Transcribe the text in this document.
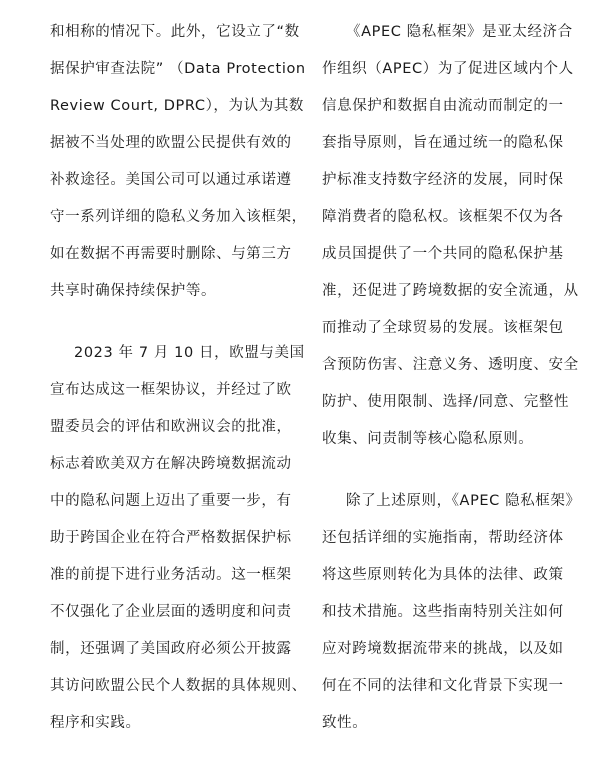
和相称的情况下。此外，它设立了“数
据保护审查法院” （Data Protection
Review Court, DPRC），为认为其数
据被不当处理的欧盟公民提供有效的
补救途径。美国公司可以通过承诺遵
守一系列详细的隐私义务加入该框架，
如在数据不再需要时删除、与第三方
共享时确保持续保护等。
2023 年 7 月 10 日，欧盟与美国
宣布达成这一框架协议，并经过了欧
盟委员会的评估和欧洲议会的批准，
标志着欧美双方在解决跨境数据流动
中的隐私问题上迈出了重要一步，有
助于跨国企业在符合严格数据保护标
准的前提下进行业务活动。这一框架
不仅强化了企业层面的透明度和问责
制，还强调了美国政府必须公开披露
其访问欧盟公民个人数据的具体规则、
程序和实践。
《APEC 隐私框架》是亚太经济合
作组织（APEC）为了促进区域内个人
信息保护和数据自由流动而制定的一
套指导原则，旨在通过统一的隐私保
护标准支持数字经济的发展，同时保
障消费者的隐私权。该框架不仅为各
成员国提供了一个共同的隐私保护基
准，还促进了跨境数据的安全流通，从
而推动了全球贸易的发展。该框架包
含预防伤害、注意义务、透明度、安全
防护、使用限制、选择/同意、完整性
收集、问责制等核心隐私原则。
除了上述原则，《APEC 隐私框架》
还包括详细的实施指南，帮助经济体
将这些原则转化为具体的法律、政策
和技术措施。这些指南特别关注如何
应对跨境数据流带来的挑战，以及如
何在不同的法律和文化背景下实现一
致性。
